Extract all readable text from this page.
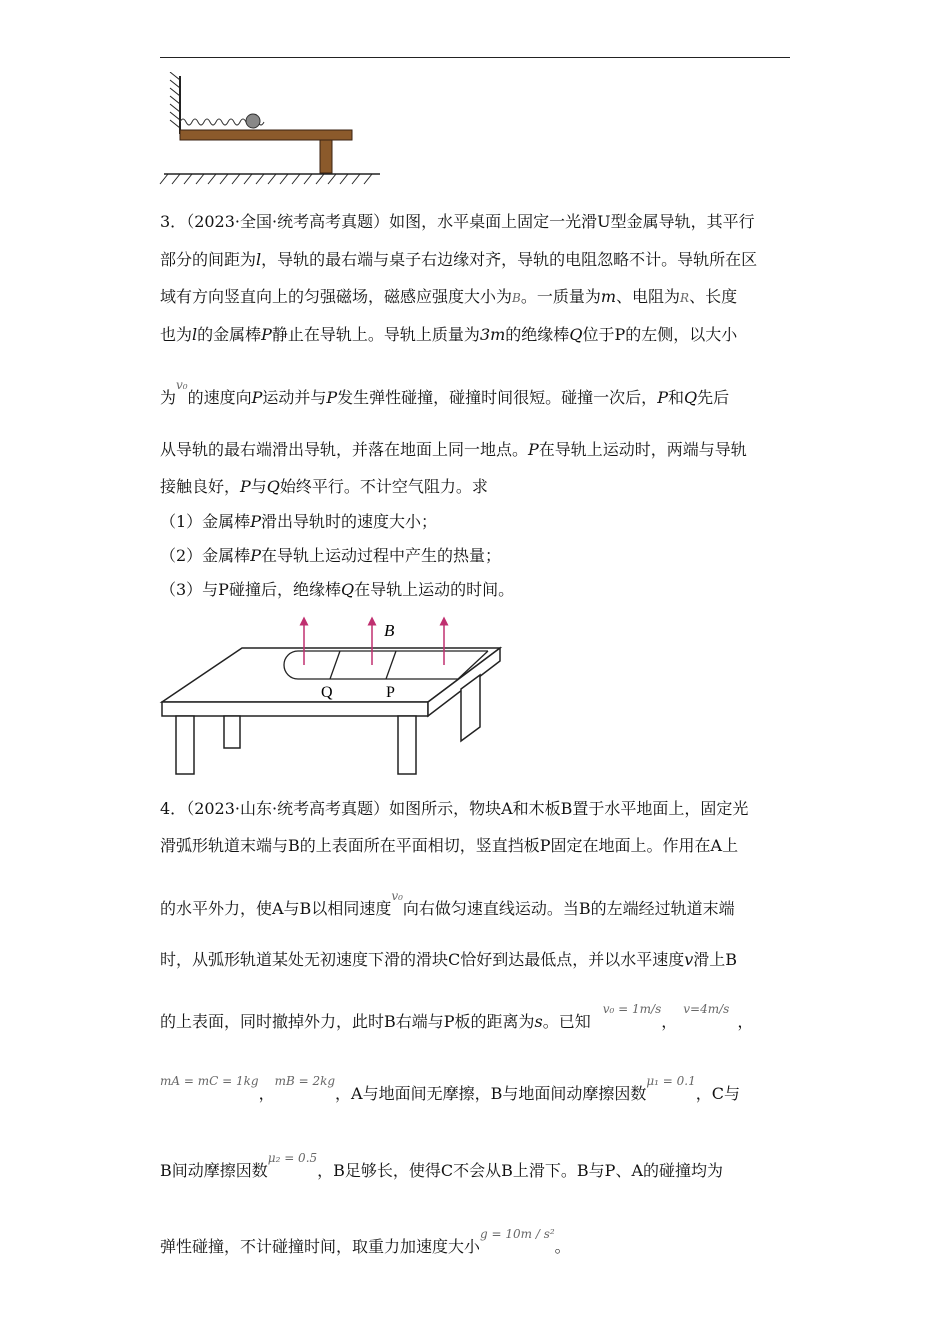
3．（2023·全国·统考高考真题）如图，水平桌面上固定一光滑U型金属导轨，其平行
部分的间距为l，导轨的最右端与桌子右边缘对齐，导轨的电阻忽略不计。导轨所在区
域有方向竖直向上的匀强磁场，磁感应强度大小为B。一质量为m、电阻为R、长度
也为l的金属棒P静止在导轨上。导轨上质量为3m的绝缘棒Q位于P的左侧，以大小
为$^{v_0}$的速度向P运动并与P发生弹性碰撞，碰撞时间很短。碰撞一次后，P和Q先后
从导轨的最右端滑出导轨，并落在地面上同一地点。P在导轨上运动时，两端与导轨
接触良好，P与Q始终平行。不计空气阻力。求
（1）金属棒P滑出导轨时的速度大小；
（2）金属棒P在导轨上运动过程中产生的热量；
（3）与P碰撞后，绝缘棒Q在导轨上运动的时间。
B
Q	P
4．（2023·山东·统考高考真题）如图所示，物块A和木板B置于水平地面上，固定光
滑弧形轨道末端与B的上表面所在平面相切，竖直挡板P固定在地面上。作用在A上
的水平外力，使A与B以相同速度$^{v_0}$向右做匀速直线运动。当B的左端经过轨道末端
时，从弧形轨道某处无初速度下滑的滑块C恰好到达最低点，并以水平速度v滑上B
的上表面，同时撤掉外力，此时B右端与P板的距离为s。已知$^{v_0 = 1m/s}$，$^{v=4m/s}$，
$^{mA = mC = 1kg}$，$^{mB = 2kg}$，A与地面间无摩擦，B与地面间动摩擦因数$^{\mu_1 = 0.1}$，C与
B间动摩擦因数$^{\mu_2 = 0.5}$，B足够长，使得C不会从B上滑下。B与P、A的碰撞均为
弹性碰撞，不计碰撞时间，取重力加速度大小$^{g = 10m / s^2}$。
